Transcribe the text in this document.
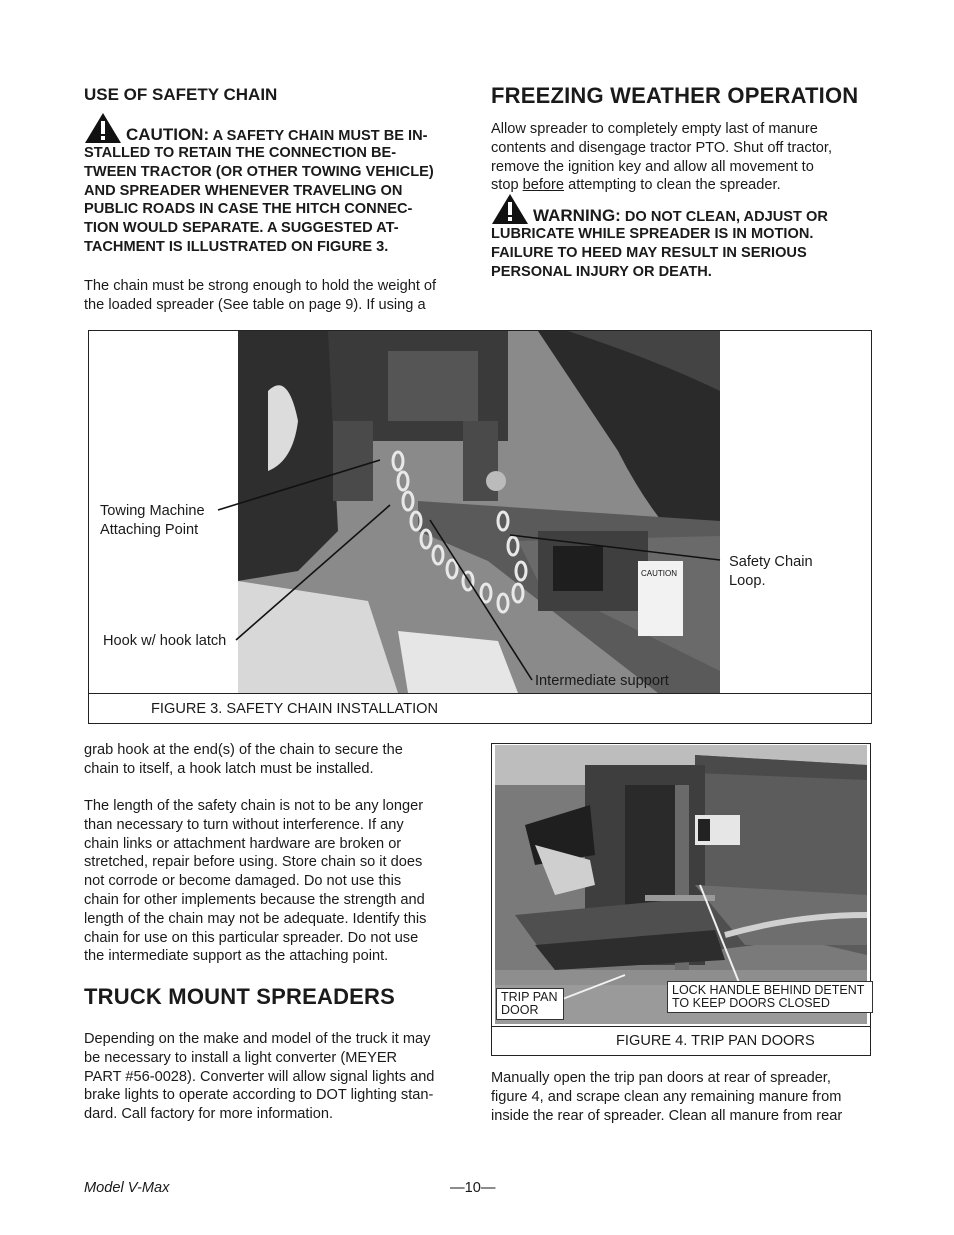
USE OF SAFETY CHAIN
CAUTION: A SAFETY CHAIN MUST BE IN-
STALLED TO RETAIN THE CONNECTION BE-
TWEEN TRACTOR (OR OTHER TOWING VEHICLE)
AND SPREADER WHENEVER TRAVELING ON
PUBLIC ROADS IN CASE THE HITCH CONNEC-
TION WOULD SEPARATE. A SUGGESTED AT-
TACHMENT IS ILLUSTRATED ON FIGURE 3.
The chain must be strong enough to hold the weight of
the loaded spreader (See table on page 9). If using a
FREEZING WEATHER OPERATION
Allow spreader to completely empty last of manure
contents and disengage tractor PTO. Shut off tractor,
remove the ignition key and allow all movement to
stop before attempting to clean the spreader.
WARNING: DO NOT CLEAN, ADJUST OR
LUBRICATE WHILE SPREADER IS IN MOTION.
FAILURE TO HEED MAY RESULT IN SERIOUS
PERSONAL INJURY OR DEATH.
FIGURE 3. SAFETY CHAIN INSTALLATION
CAUTION
Towing Machine
Attaching Point
Safety Chain
Loop.
Hook w/ hook latch
Intermediate support
grab hook at the end(s) of the chain to secure the
chain to itself, a hook latch must be installed.
The length of the safety chain is not to be any longer
than necessary to turn without interference. If any
chain links or attachment hardware are broken or
stretched, repair before using. Store chain so it does
not corrode or become damaged. Do not use this
chain for other implements because the strength and
length of the chain may not be adequate. Identify this
chain for use on this particular spreader. Do not use
the intermediate support as the attaching point.
TRUCK MOUNT SPREADERS
Depending on the make and model of the truck it may
be necessary to install a light converter (MEYER
PART #56-0028). Converter will allow signal lights and
brake lights to operate according to DOT lighting stan-
dard. Call factory for more information.
FIGURE 4. TRIP PAN DOORS
TRIP PAN
DOOR
LOCK HANDLE BEHIND DETENT
TO KEEP DOORS CLOSED
Manually open the trip pan doors at rear of spreader,
figure 4, and scrape clean any remaining manure from
inside the rear of spreader. Clean all manure from rear
Model V-Max	—10—
